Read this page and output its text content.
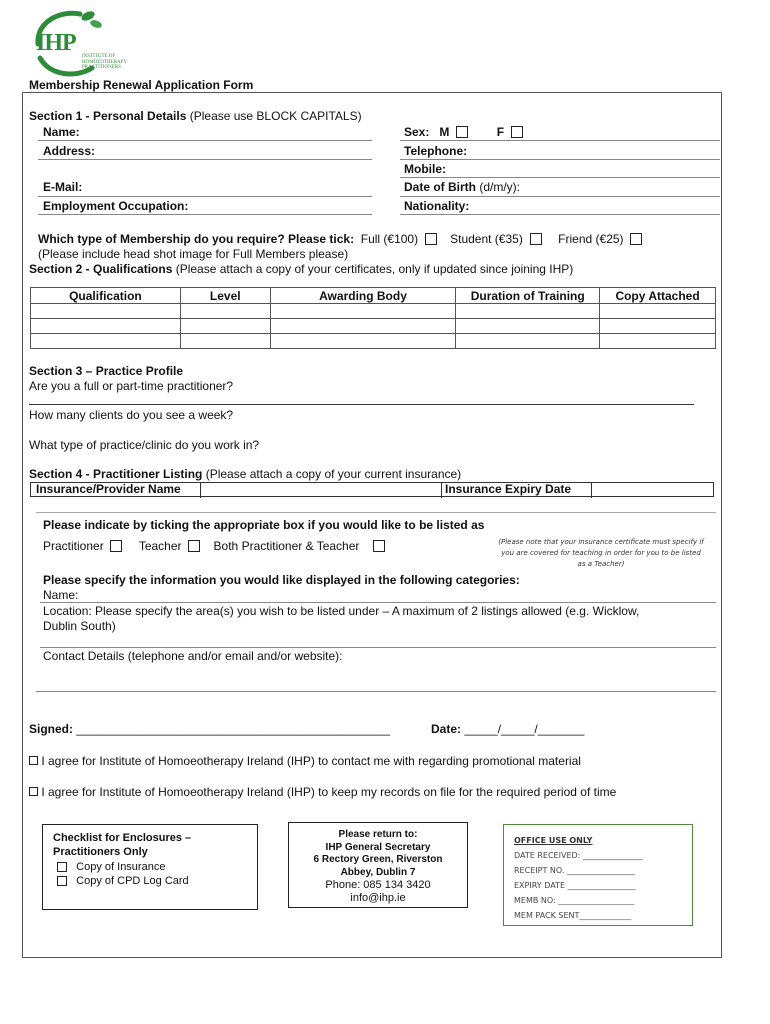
IHP
INSTITUTE OF
HOMOEOTHERAPY
PRACTITIONERS
Membership Renewal Application Form
Section 1 - Personal Details (Please use BLOCK CAPITALS)
Name:
Address:
E-Mail:
Employment Occupation:
Sex: M	F
Telephone:
Mobile:
Date of Birth (d/m/y):
Nationality:
Which type of Membership do you require? Please tick: Full (€100)	Student (€35)	Friend (€25)
(Please include head shot image for Full Members please)
Section 2 - Qualifications (Please attach a copy of your certificates, only if updated since joining IHP)
Qualification	Level	Awarding Body	Duration of Training	Copy Attached

Section 3 – Practice Profile
Are you a full or part-time practitioner?
How many clients do you see a week?
What type of practice/clinic do you work in?
Section 4 - Practitioner Listing (Please attach a copy of your current insurance)
Insurance/Provider Name	Insurance Expiry Date
Please indicate by ticking the appropriate box if you would like to be listed as
Practitioner	Teacher	Both Practitioner & Teacher	(Please note that your insurance certificate must specify if you are covered for teaching in order for you to be listed as a Teacher)
Please specify the information you would like displayed in the following categories:
Name:
Location: Please specify the area(s) you wish to be listed under – A maximum of 2 listings allowed (e.g. Wicklow,
Dublin South)
Contact Details (telephone and/or email and/or website):
Signed: _______________________________________________	Date: _____/_____/_______
I agree for Institute of Homoeotherapy Ireland (IHP) to contact me with regarding promotional material
I agree for Institute of Homoeotherapy Ireland (IHP) to keep my records on file for the required period of time
Checklist for Enclosures –
Practitioners Only
Copy of Insurance
Copy of CPD Log Card
Please return to:
IHP General Secretary
6 Rectory Green, Riverston
Abbey, Dublin 7
Phone: 085 134 3420
info@ihp.ie
OFFICE USE ONLY
DATE RECEIVED: _______________
RECEIPT NO. _________________
EXPIRY DATE _________________
MEMB NO: ___________________
MEM PACK SENT_____________
